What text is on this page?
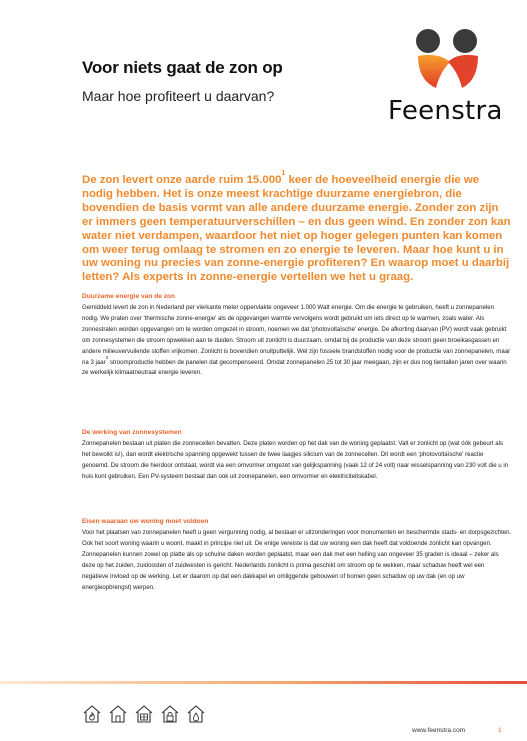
Voor niets gaat de zon op
Maar hoe profiteert u daarvan?	Feenstra

De zon levert onze aarde ruim 15.000$^1$ keer de hoeveelheid energie die we nodig hebben. Het is onze meest krachtige duurzame energiebron, die bovendien de basis vormt van alle andere duurzame energie. Zonder zon zijn er immers geen temperatuurverschillen – en dus geen wind. En zonder zon kan water niet verdampen, waardoor het niet op hoger gelegen punten kan komen om weer terug omlaag te stromen en zo energie te leveren. Maar hoe kunt u in uw woning nu precies van zonne-energie profiteren? En waarop moet u daarbij letten? Als experts in zonne-energie vertellen we het u graag.

Duurzame energie van de zon

Gemiddeld levert de zon in Nederland per vierkante meter oppervlakte ongeveer 1.000 Watt energie. Om die energie te gebruiken, heeft u zonnepanelen nodig. We praten over 'thermische zonne-energie' als de opgevangen warmte vervolgens wordt gebruikt om iets direct op te warmen, zoals water. Als zonnestralen worden opgevangen om te worden omgezet in stroom, noemen we dat 'photovoltaïsche' energie. De afkorting daarvan (PV) wordt vaak gebruikt om zonnesystemen die stroom opwekken aan te duiden. Stroom uit zonlicht is duurzaam, omdat bij de productie van deze stroom geen broeikasgassen en andere milieuvervuilende stoffen vrijkomen. Zonlicht is bovendien onuitputtelijk. Wel zijn fossiele brandstoffen nodig voor de productie van zonnepanelen, maar na 3 jaar$^2$ stroomproductie hebben de panelen dat gecompenseerd. Omdat zonnepanelen 25 tot 30 jaar meegaan, zijn er dus nog tientallen jaren over waarin ze werkelijk klimaatneutraal energie leveren.

De werking van zonnesystemen

Zonnepanelen bestaan uit platen die zonnecellen bevatten. Deze platen worden op het dak van de woning geplaatst. Valt er zonlicht op (wat óók gebeurt als het bewolkt is!), dan wordt elektrische spanning opgewekt tussen de twee laagjes silicium van de zonnecellen. Dit wordt een 'photovoltaïsche' reactie genoemd. De stroom die hierdoor ontstaat, wordt via een omvormer omgezet van gelijkspanning (vaak 12 of 24 volt) naar wisselspanning van 230 volt die u in huis kunt gebruiken. Een PV-systeem bestaat dan ook uit zonnepanelen, een omvormer en elektriciteitskabel.

Eisen waaraan uw woning moet voldoen

Voor het plaatsen van zonnepanelen heeft u geen vergunning nodig, al bestaan er uitzonderingen voor monumenten en beschermde stads- en dorpsgezichten. Ook het soort woning waarin u woont, maakt in principe niet uit. De enige vereiste is dat uw woning een dak heeft dat voldoende zonlicht kan opvangen. Zonnepanelen kunnen zowel op platte als op schuine daken worden geplaatst, maar een dak met een helling van ongeveer 35 graden is ideaal – zeker als deze op het zuiden, zuidoosten of zuidwesten is gericht. Nederlands zonlicht is prima geschikt om stroom op te wekken, maar schaduw heeft wel een negatieve invloed op de werking. Let er daarom op dat een dakkapel en omliggende gebouwen of bomen geen schaduw op uw dak (en op uw energieopbrengst) werpen.

www.feenstra.com	1
